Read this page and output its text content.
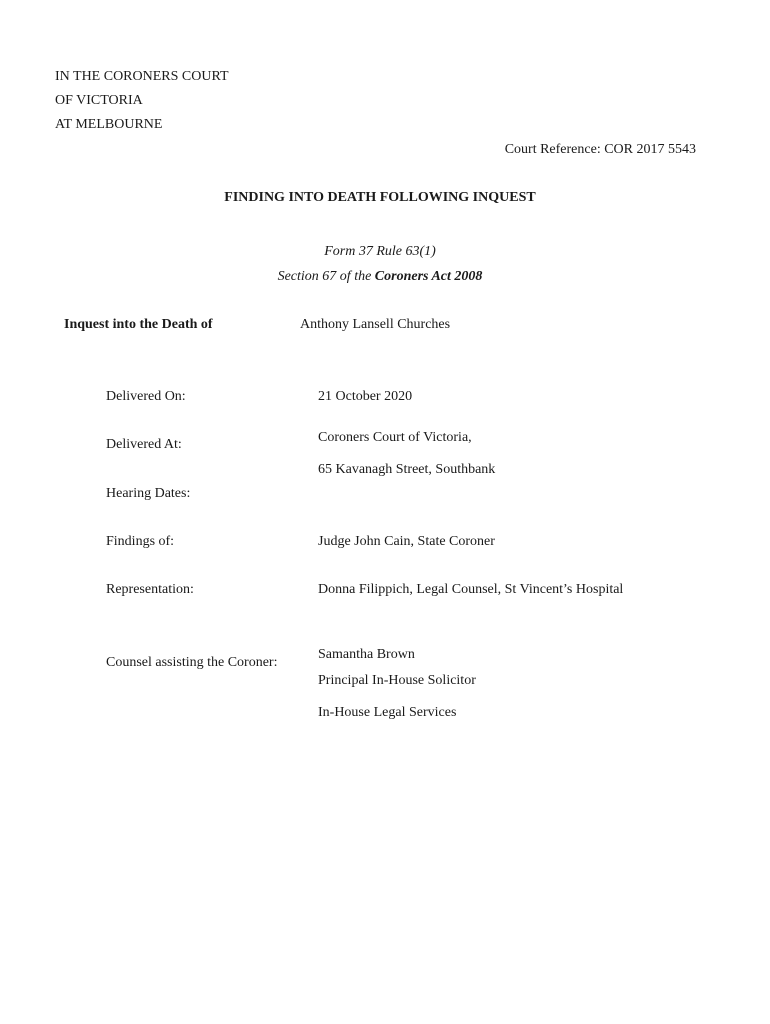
IN THE CORONERS COURT
OF VICTORIA
AT MELBOURNE
Court Reference: COR 2017 5543
FINDING INTO DEATH FOLLOWING INQUEST
Form 37 Rule 63(1)
Section 67 of the Coroners Act 2008
Inquest into the Death of	Anthony Lansell Churches
Delivered On:	21 October 2020
Delivered At:	Coroners Court of Victoria,
65 Kavanagh Street, Southbank
Hearing Dates:
Findings of:	Judge John Cain, State Coroner
Representation:	Donna Filippich, Legal Counsel, St Vincent’s Hospital
Counsel assisting the Coroner:
Samantha Brown
Principal In-House Solicitor
In-House Legal Services
